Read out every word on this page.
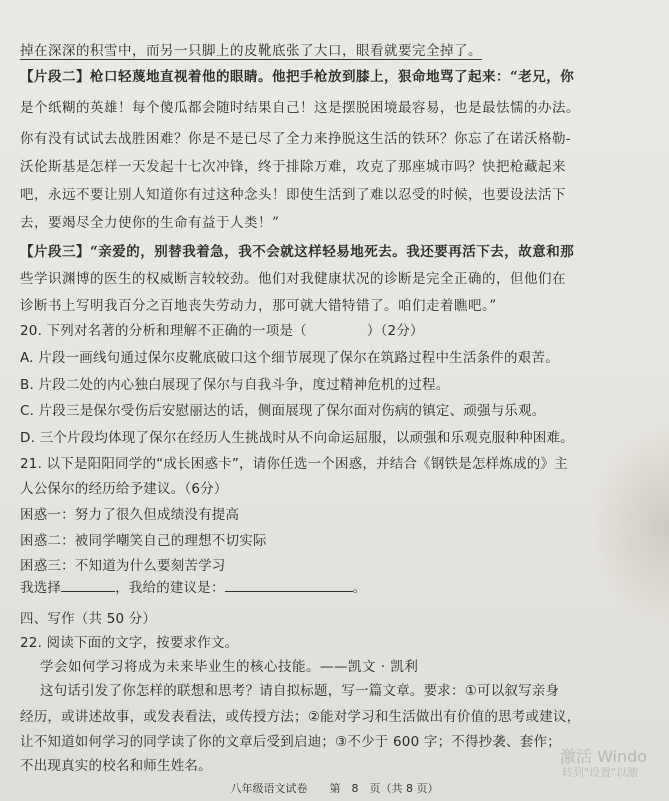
掉在深深的积雪中，而另一只脚上的皮靴底张了大口，眼看就要完全掉了。
【片段二】枪口轻蔑地直视着他的眼睛。他把手枪放到膝上，狠命地骂了起来：“老兄，你
是个纸糊的英雄！每个傻瓜都会随时结果自己！这是摆脱困境最容易，也是最怯懦的办法。
你有没有试试去战胜困难？你是不是已尽了全力来挣脱这生活的铁环？你忘了在诺沃格勒-
沃伦斯基是怎样一天发起十七次冲锋，终于排除万难，攻克了那座城市吗？快把枪藏起来
吧，永远不要让别人知道你有过这种念头！即使生活到了难以忍受的时候，也要设法活下
去，要竭尽全力使你的生命有益于人类！”
【片段三】“亲爱的，别替我着急，我不会就这样轻易地死去。我还要再活下去，故意和那
些学识渊博的医生的权威断言较较劲。他们对我健康状况的诊断是完全正确的，但他们在
诊断书上写明我百分之百地丧失劳动力，那可就大错特错了。咱们走着瞧吧。”
20. 下列对名著的分析和理解不正确的一项是（	）（2分）
A. 片段一画线句通过保尔皮靴底破口这个细节展现了保尔在筑路过程中生活条件的艰苦。
B. 片段二处的内心独白展现了保尔与自我斗争，度过精神危机的过程。
C. 片段三是保尔受伤后安慰丽达的话，侧面展现了保尔面对伤病的镇定、顽强与乐观。
D. 三个片段均体现了保尔在经历人生挑战时从不向命运屈服，以顽强和乐观克服种种困难。
21. 以下是阳阳同学的“成长困惑卡”，请你任选一个困惑，并结合《钢铁是怎样炼成的》主
人公保尔的经历给予建议。（6分）
困惑一：努力了很久但成绩没有提高
困惑二：被同学嘲笑自己的理想不切实际
困惑三：不知道为什么要刻苦学习
我选择	，我给的建议是：	。
四、写作（共 50 分）
22. 阅读下面的文字，按要求作文。
学会如何学习将成为未来毕业生的核心技能。——凯文 · 凯利
这句话引发了你怎样的联想和思考？请自拟标题，写一篇文章。要求：①可以叙写亲身
经历，或讲述故事，或发表看法，或传授方法；②能对学习和生活做出有价值的思考或建议，
让不知道如何学习的同学读了你的文章后受到启迪；③不少于 600 字；不得抄袭、套作；
不出现真实的校名和师生姓名。
八年级语文试卷　　第　8　页（共 8 页）
激活 Windo
转到"设置"以激
